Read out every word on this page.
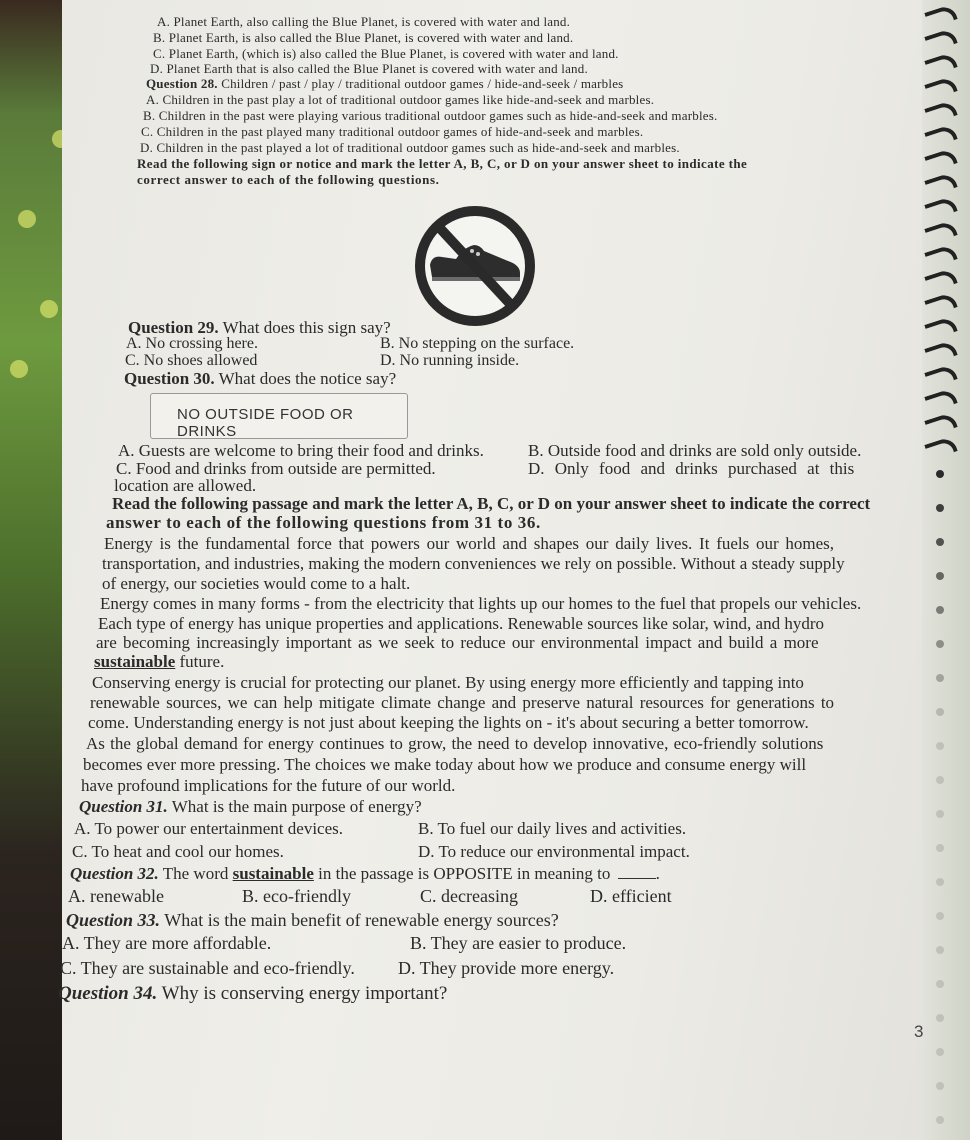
A. Planet Earth, also calling the Blue Planet, is covered with water and land.
B. Planet Earth, is also called the Blue Planet, is covered with water and land.
C. Planet Earth, (which is) also called the Blue Planet, is covered with water and land.
D. Planet Earth that is also called the Blue Planet is covered with water and land.
Question 28. Children / past / play / traditional outdoor games / hide-and-seek / marbles
A. Children in the past play a lot of traditional outdoor games like hide-and-seek and marbles.
B. Children in the past were playing various traditional outdoor games such as hide-and-seek and marbles.
C. Children in the past played many traditional outdoor games of hide-and-seek and marbles.
D. Children in the past played a lot of traditional outdoor games such as hide-and-seek and marbles.
Read the following sign or notice and mark the letter A, B, C, or D on your answer sheet to indicate the
correct answer to each of the following questions.
Question 29. What does this sign say?
A. No crossing here.	B. No stepping on the surface.
C. No shoes allowed	D. No running inside.
Question 30. What does the notice say?
NO OUTSIDE FOOD OR DRINKS
A. Guests are welcome to bring their food and drinks.	B. Outside food and drinks are sold only outside.
C. Food and drinks from outside are permitted.	D. Only food and drinks purchased at this
location are allowed.
Read the following passage and mark the letter A, B, C, or D on your answer sheet to indicate the correct
answer to each of the following questions from 31 to 36.
Energy is the fundamental force that powers our world and shapes our daily lives. It fuels our homes,
transportation, and industries, making the modern conveniences we rely on possible. Without a steady supply
of energy, our societies would come to a halt.
Energy comes in many forms - from the electricity that lights up our homes to the fuel that propels our vehicles.
Each type of energy has unique properties and applications. Renewable sources like solar, wind, and hydro
are becoming increasingly important as we seek to reduce our environmental impact and build a more
sustainable future.
Conserving energy is crucial for protecting our planet. By using energy more efficiently and tapping into
renewable sources, we can help mitigate climate change and preserve natural resources for generations to
come. Understanding energy is not just about keeping the lights on - it's about securing a better tomorrow.
As the global demand for energy continues to grow, the need to develop innovative, eco-friendly solutions
becomes ever more pressing. The choices we make today about how we produce and consume energy will
have profound implications for the future of our world.
Question 31. What is the main purpose of energy?
A. To power our entertainment devices.	B. To fuel our daily lives and activities.
C. To heat and cool our homes.	D. To reduce our environmental impact.
Question 32. The word sustainable in the passage is OPPOSITE in meaning to	.
A. renewable	B. eco-friendly	C. decreasing	D. efficient
Question 33. What is the main benefit of renewable energy sources?
A. They are more affordable.	B. They are easier to produce.
C. They are sustainable and eco-friendly. D. They provide more energy.
Question 34. Why is conserving energy important?
3
